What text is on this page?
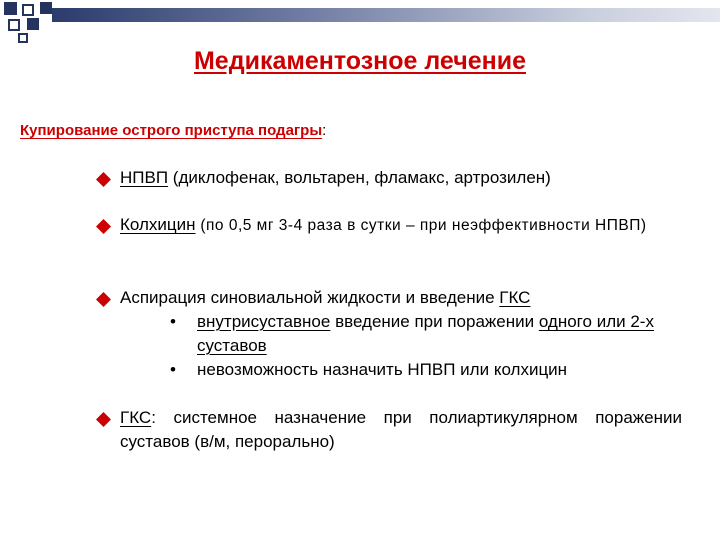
Медикаментозное лечение
Купирование острого приступа подагры:
НПВП (диклофенак, вольтарен, фламакс, артрозилен)
Колхицин (по 0,5 мг 3-4 раза в сутки – при неэффективности НПВП)
Аспирация синовиальной жидкости и введение ГКС
• внутрисуставное введение при поражении одного или 2-х суставов
• невозможность назначить НПВП или колхицин
ГКС: системное назначение при полиартикулярном поражении суставов (в/м, перорально)
